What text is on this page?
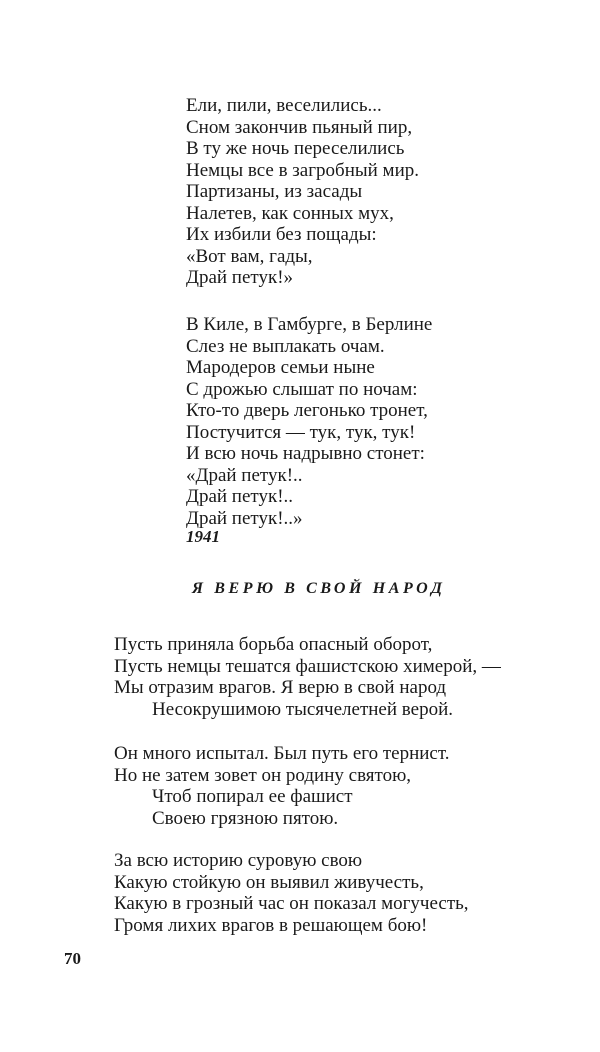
Ели, пили, веселились...
Сном закончив пьяный пир,
В ту же ночь переселились
Немцы все в загробный мир.
Партизаны, из засады
Налетев, как сонных мух,
Их избили без пощады:
«Вот вам, гады,
Драй петук!»
В Киле, в Гамбурге, в Берлине
Слез не выплакать очам.
Мародеров семьи ныне
С дрожью слышат по ночам:
Кто-то дверь легонько тронет,
Постучится — тук, тук, тук!
И всю ночь надрывно стонет:
«Драй петук!..
Драй петук!..
Драй петук!..»
1941
Я ВЕРЮ В СВОЙ НАРОД
Пусть приняла борьба опасный оборот,
Пусть немцы тешатся фашистскою химерой, —
Мы отразим врагов. Я верю в свой народ
Несокрушимою тысячелетней верой.
Он много испытал. Был путь его тернист.
Но не затем зовет он родину святою,
Чтоб попирал ее фашист
Своею грязною пятою.
За всю историю суровую свою
Какую стойкую он выявил живучесть,
Какую в грозный час он показал могучесть,
Громя лихих врагов в решающем бою!
70
